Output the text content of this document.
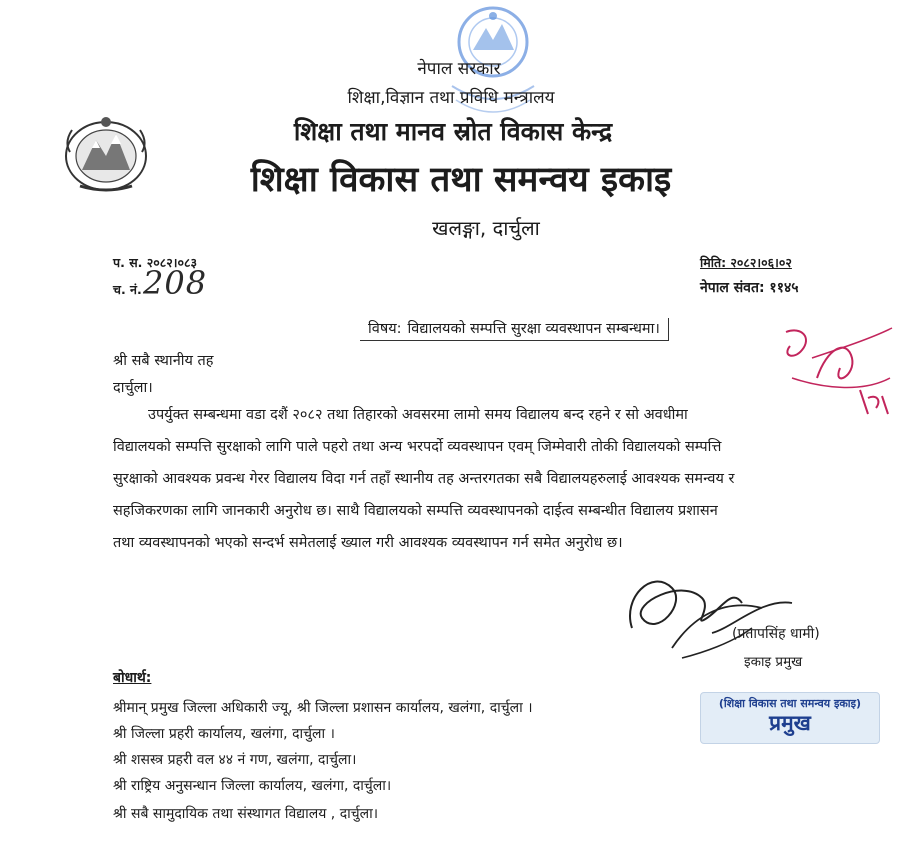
नेपाल सरकार
शिक्षा,विज्ञान तथा प्रविधि मन्त्रालय
शिक्षा तथा मानव स्रोत विकास केन्द्र
शिक्षा विकास तथा समन्वय इकाइ
खलङ्गा, दार्चुला
प. स. २०८२।०८३
च. नं. 208
मिति: २०८२।०६।०२
नेपाल संवत: ११४५
विषय: विद्यालयको सम्पत्ति सुरक्षा व्यवस्थापन सम्बन्धमा।
श्री सबै स्थानीय तह
दार्चुला।
उपर्युक्त सम्बन्धमा वडा दशैं २०८२ तथा तिहारको अवसरमा लामो समय विद्यालय बन्द रहने र सो अवधीमा
विद्यालयको सम्पत्ति सुरक्षाको लागि पाले पहरो तथा अन्य भरपर्दो व्यवस्थापन एवम् जिम्मेवारी तोकी विद्यालयको सम्पत्ति
सुरक्षाको आवश्यक प्रवन्ध गेरर विद्यालय विदा गर्न तहाँ स्थानीय तह अन्तरगतका सबै विद्यालयहरुलाई आवश्यक समन्वय र
सहजिकरणका लागि जानकारी अनुरोध छ। साथै विद्यालयको सम्पत्ति व्यवस्थापनको दाईत्व सम्बन्धीत विद्यालय प्रशासन
तथा व्यवस्थापनको भएको सन्दर्भ समेतलाई ख्याल गरी आवश्यक व्यवस्थापन गर्न समेत अनुरोध छ।
(प्रतापसिंह धामी)
इकाइ प्रमुख
बोधार्थ:
श्रीमान् प्रमुख जिल्ला अधिकारी ज्यू, श्री जिल्ला प्रशासन कार्यालय, खलंगा, दार्चुला ।
श्री जिल्ला प्रहरी कार्यालय, खलंगा, दार्चुला ।
श्री शसस्त्र प्रहरी वल ४४ नं गण, खलंगा, दार्चुला।
श्री राष्ट्रिय अनुसन्धान जिल्ला कार्यालय, खलंगा, दार्चुला।
श्री सबै सामुदायिक तथा संस्थागत विद्यालय , दार्चुला।
(शिक्षा विकास तथा समन्वय इकाइ)
प्रमुख
